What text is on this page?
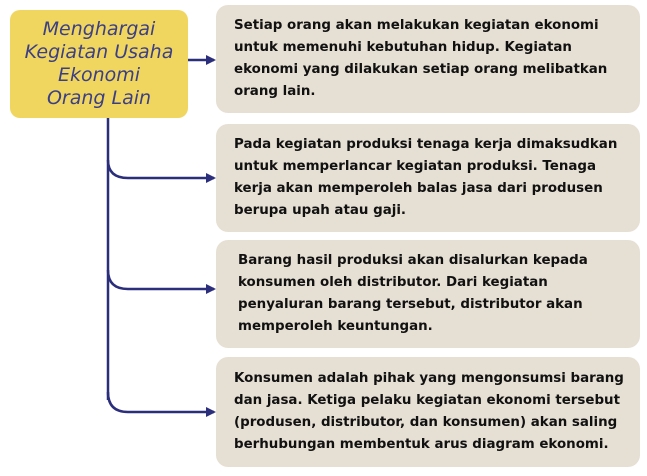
Menghargai
Kegiatan Usaha
Ekonomi
Orang Lain
Setiap orang akan melakukan kegiatan ekonomi untuk memenuhi kebutuhan hidup. Kegiatan ekonomi yang dilakukan setiap orang melibatkan orang lain.
Pada kegiatan produksi tenaga kerja dimaksudkan untuk memperlancar kegiatan produksi. Tenaga kerja akan memperoleh balas jasa dari produsen berupa upah atau gaji.
Barang hasil produksi akan disalurkan kepada konsumen oleh distributor. Dari kegiatan penyaluran barang tersebut, distributor akan memperoleh keuntungan.
Konsumen adalah pihak yang mengonsumsi barang dan jasa. Ketiga pelaku kegiatan ekonomi tersebut (produsen, distributor, dan konsumen) akan saling berhubungan membentuk arus diagram ekonomi.
